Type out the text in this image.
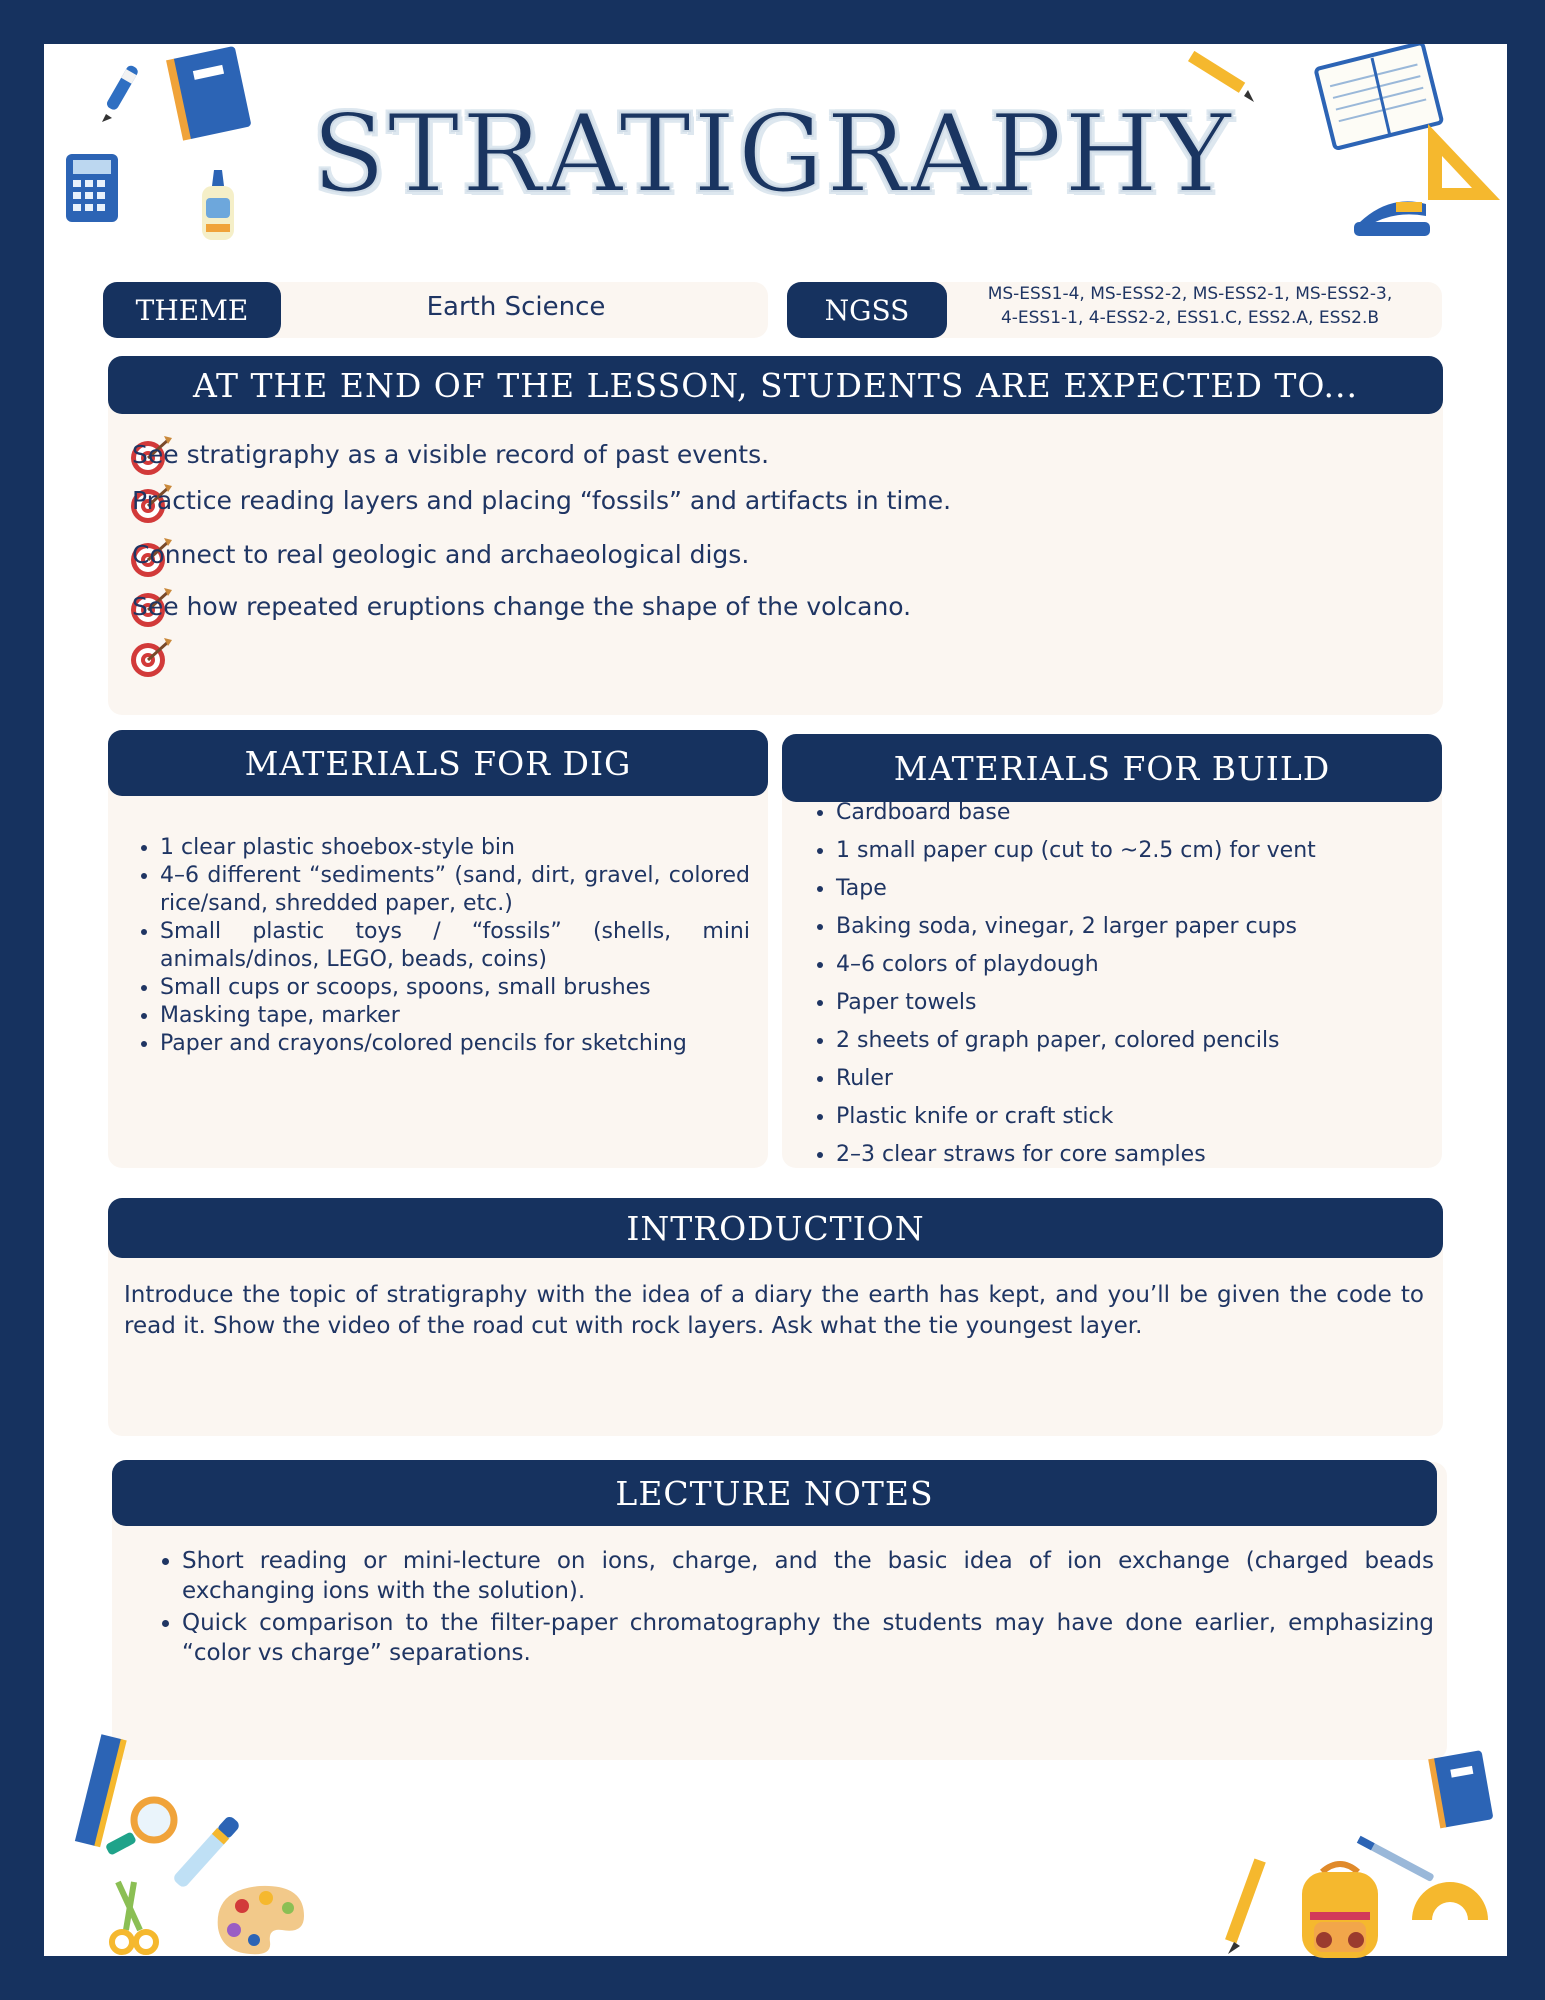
STRATIGRAPHY
THEME	Earth Science	NGSS	MS-ESS1-4, MS-ESS2-2, MS-ESS2-1, MS-ESS2-3,
4-ESS1-1, 4-ESS2-2, ESS1.C, ESS2.A, ESS2.B
AT THE END OF THE LESSON, STUDENTS ARE EXPECTED TO...
See stratigraphy as a visible record of past events.
Practice reading layers and placing “fossils” and artifacts in time.
Connect to real geologic and archaeological digs.
See how repeated eruptions change the shape of the volcano.
MATERIALS FOR DIG
• 1 clear plastic shoebox-style bin
• 4–6 different “sediments” (sand, dirt, gravel, colored rice/sand, shredded paper, etc.)
• Small plastic toys / “fossils” (shells, mini animals/dinos, LEGO, beads, coins)
• Small cups or scoops, spoons, small brushes
• Masking tape, marker
• Paper and crayons/colored pencils for sketching
MATERIALS FOR BUILD
• Cardboard base
• 1 small paper cup (cut to ~2.5 cm) for vent
• Tape
• Baking soda, vinegar, 2 larger paper cups
• 4–6 colors of playdough
• Paper towels
• 2 sheets of graph paper, colored pencils
• Ruler
• Plastic knife or craft stick
• 2–3 clear straws for core samples
INTRODUCTION
Introduce the topic of stratigraphy with the idea of a diary the earth has kept, and you’ll be given the code to read it. Show the video of the road cut with rock layers. Ask what the tie youngest layer.
LECTURE NOTES
• Short reading or mini-lecture on ions, charge, and the basic idea of ion exchange (charged beads exchanging ions with the solution).
• Quick comparison to the filter-paper chromatography the students may have done earlier, emphasizing “color vs charge” separations.
